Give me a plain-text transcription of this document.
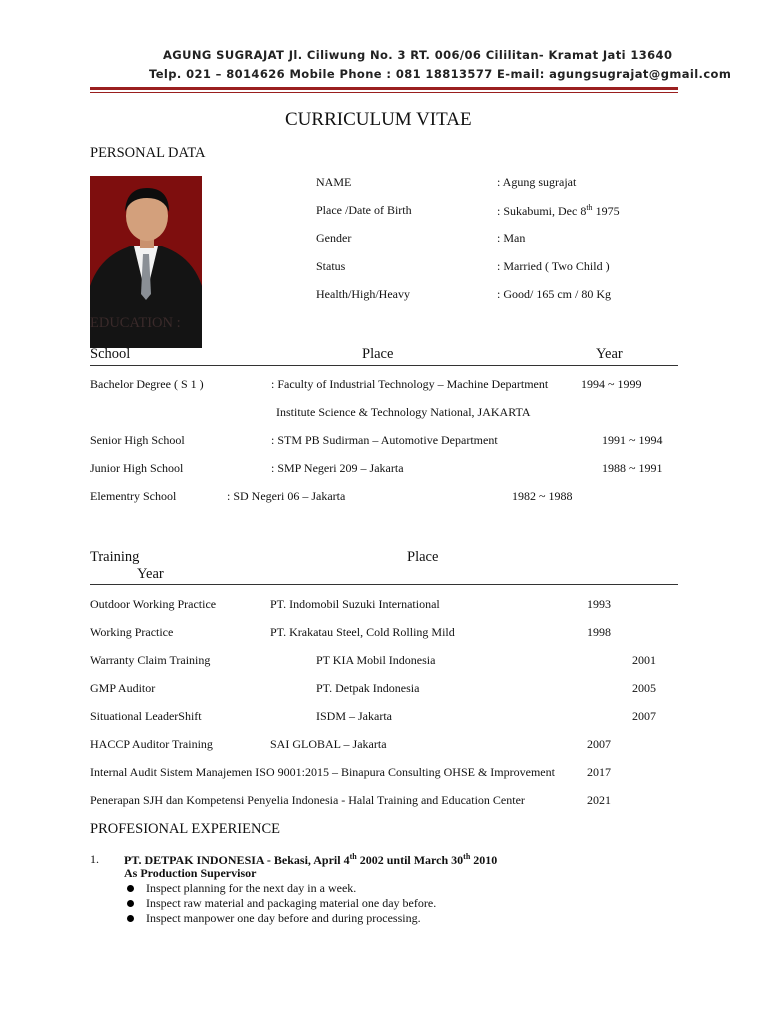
AGUNG SUGRAJAT Jl. Ciliwung No. 3 RT. 006/06 Cililitan- Kramat Jati 13640
Telp. 021 – 8014626 Mobile Phone : 081 18813577 E-mail: agungsugrajat@gmail.com
CURRICULUM VITAE
PERSONAL DATA
NAME	: Agung sugrajat
Place /Date of Birth	: Sukabumi, Dec 8th 1975
Gender	: Man
Status	: Married ( Two Child )
Health/High/Heavy	: Good/ 165 cm / 80 Kg
EDUCATION :
School	Place	Year
Bachelor Degree ( S 1 )	: Faculty of Industrial Technology – Machine Department	1994 ~ 1999
Institute Science & Technology National, JAKARTA
Senior High School	: STM PB Sudirman – Automotive Department	1991 ~ 1994
Junior High School	: SMP Negeri 209 – Jakarta	1988 ~ 1991
Elementry School	: SD Negeri 06 – Jakarta	1982 ~ 1988
Training	Place
Year
Outdoor Working Practice	PT. Indomobil Suzuki International	1993
Working Practice	PT. Krakatau Steel, Cold Rolling Mild	1998
Warranty Claim Training	PT KIA Mobil Indonesia	2001
GMP Auditor	PT. Detpak Indonesia	2005
Situational LeaderShift	ISDM – Jakarta	2007
HACCP Auditor Training	SAI GLOBAL – Jakarta	2007
Internal Audit Sistem Manajemen ISO 9001:2015 – Binapura Consulting OHSE & Improvement	2017
Penerapan SJH dan Kompetensi Penyelia Indonesia - Halal Training and Education Center	2021
PROFESIONAL EXPERIENCE
1. PT. DETPAK INDONESIA - Bekasi, April 4th 2002 until March 30th 2010
As Production Supervisor
Inspect planning for the next day in a week.
Inspect raw material and packaging material one day before.
Inspect manpower one day before and during processing.
